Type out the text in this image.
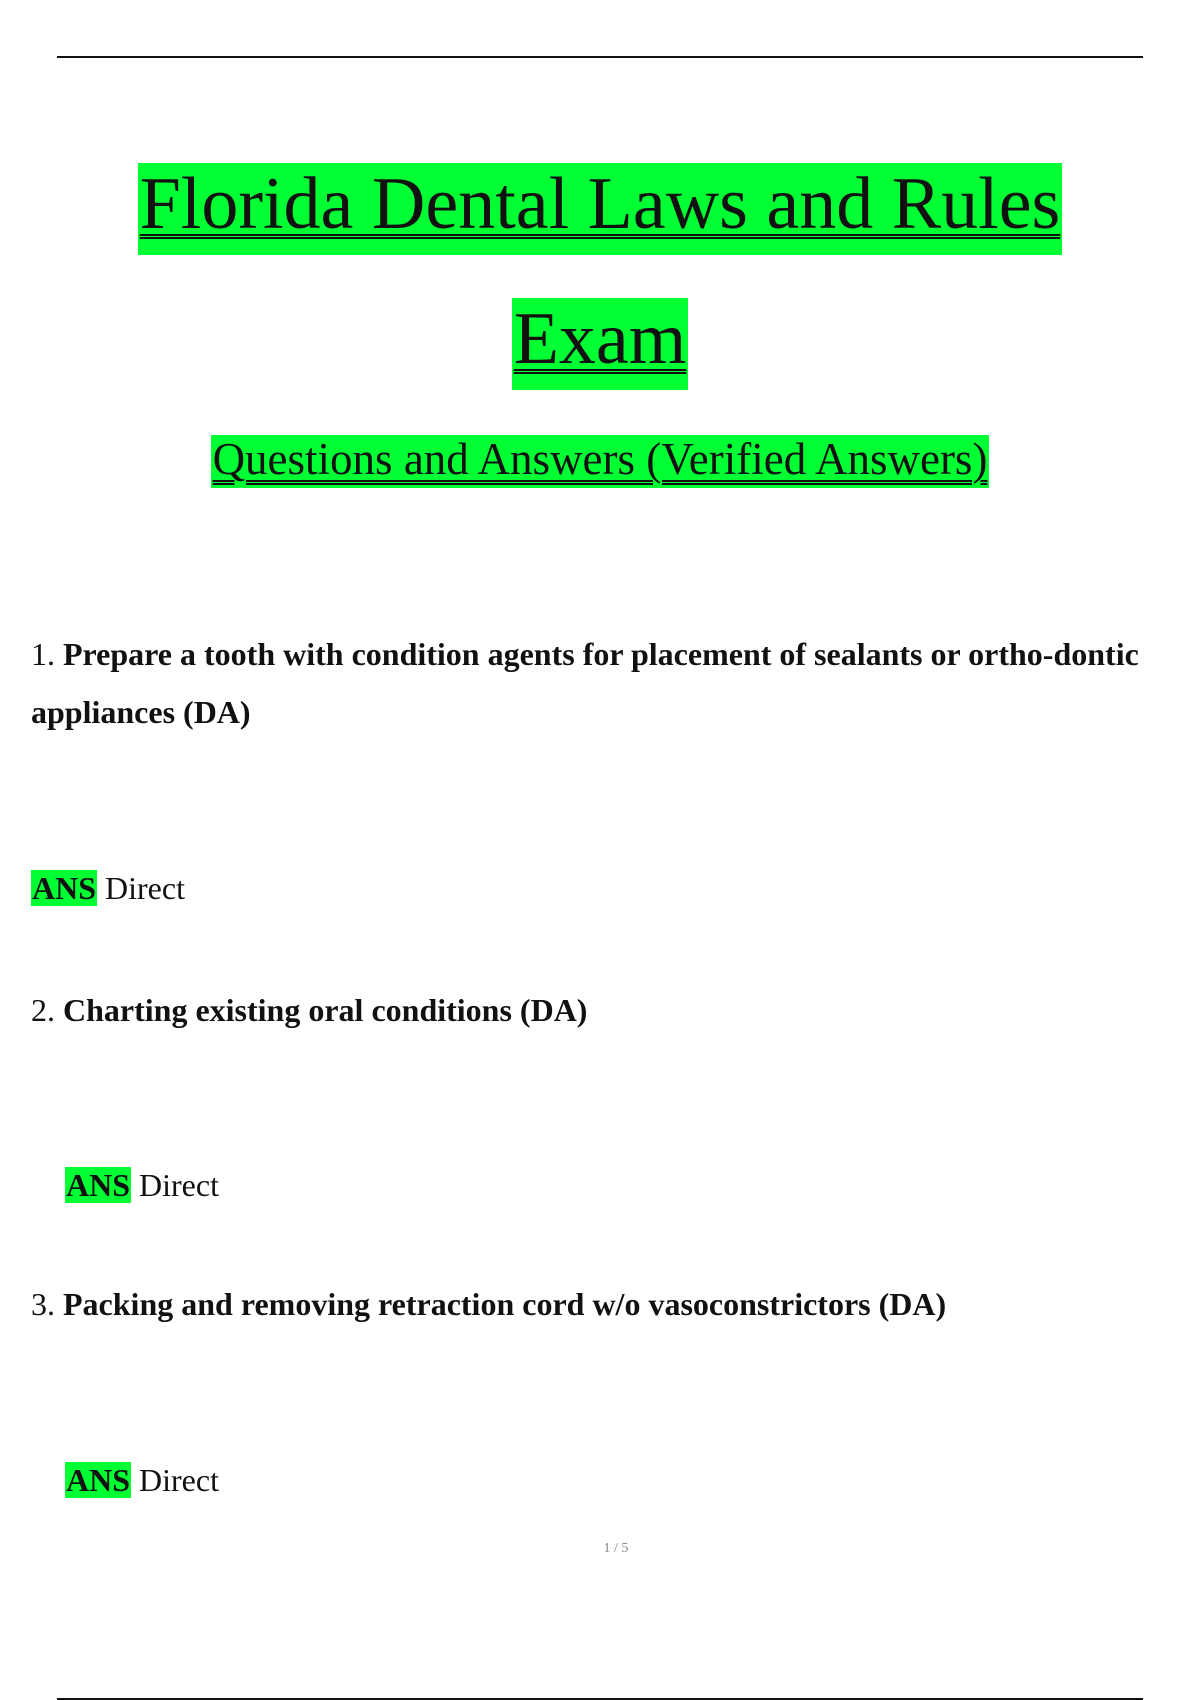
Florida Dental Laws and Rules
Exam
Questions and Answers (Verified Answers)
1. Prepare a tooth with condition agents for placement of sealants or ortho-dontic appliances (DA)
ANS Direct
2. Charting existing oral conditions (DA)
ANS Direct
3. Packing and removing retraction cord w/o vasoconstrictors (DA)
ANS Direct
1 / 5
